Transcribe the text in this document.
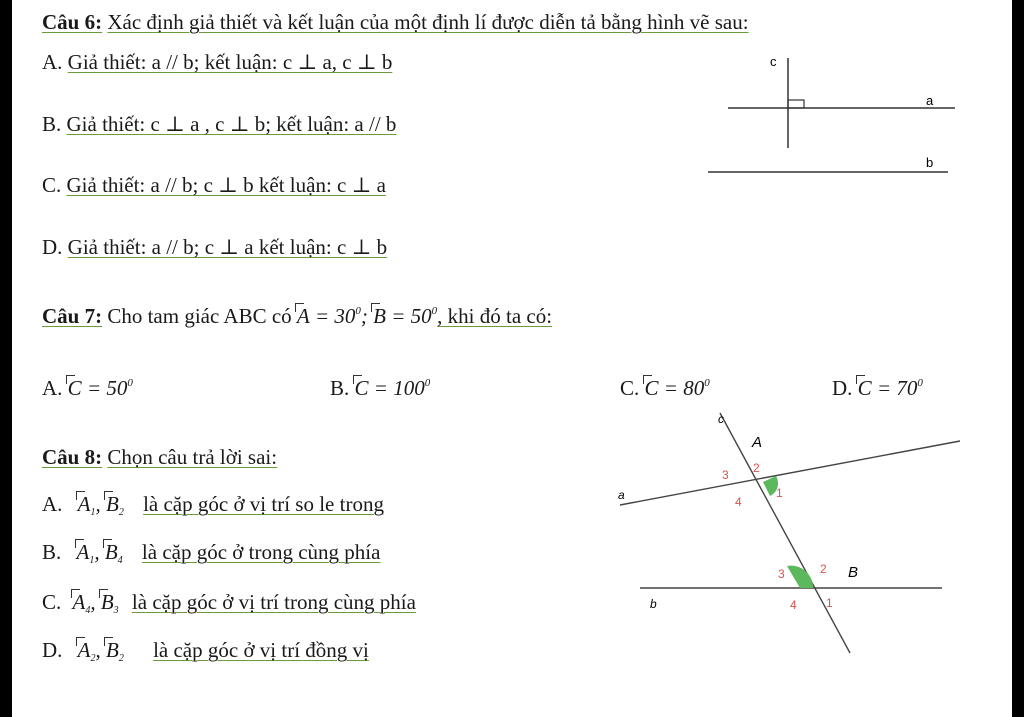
Câu 6: Xác định giả thiết và kết luận của một định lí được diễn tả bằng hình vẽ sau:
A. Giả thiết: a // b; kết luận: c ⊥ a, c ⊥ b
B. Giả thiết: c ⊥ a , c ⊥ b; kết luận: a // b
C. Giả thiết: a // b; c ⊥ b kết luận: c ⊥ a
D. Giả thiết: a // b; c ⊥ a kết luận: c ⊥ b
c
a
b
Câu 7: Cho tam giác ABC có $A = 30^0$; $B = 50^0$, khi đó ta có:
A. $C = 50^0$	B. $C = 100^0$	C. $C = 80^0$	D. $C = 70^0$
Câu 8: Chọn câu trả lời sai:
A. $A_1$, $B_2$ là cặp góc ở vị trí so le trong
B. $A_1$, $B_4$ là cặp góc ở trong cùng phía
C. $A_4$, $B_3$ là cặp góc ở vị trí trong cùng phía
D. $A_2$, $B_2$ là cặp góc ở vị trí đồng vị
c
a
b
A
B
3 2
4
1
3	2
4 1
